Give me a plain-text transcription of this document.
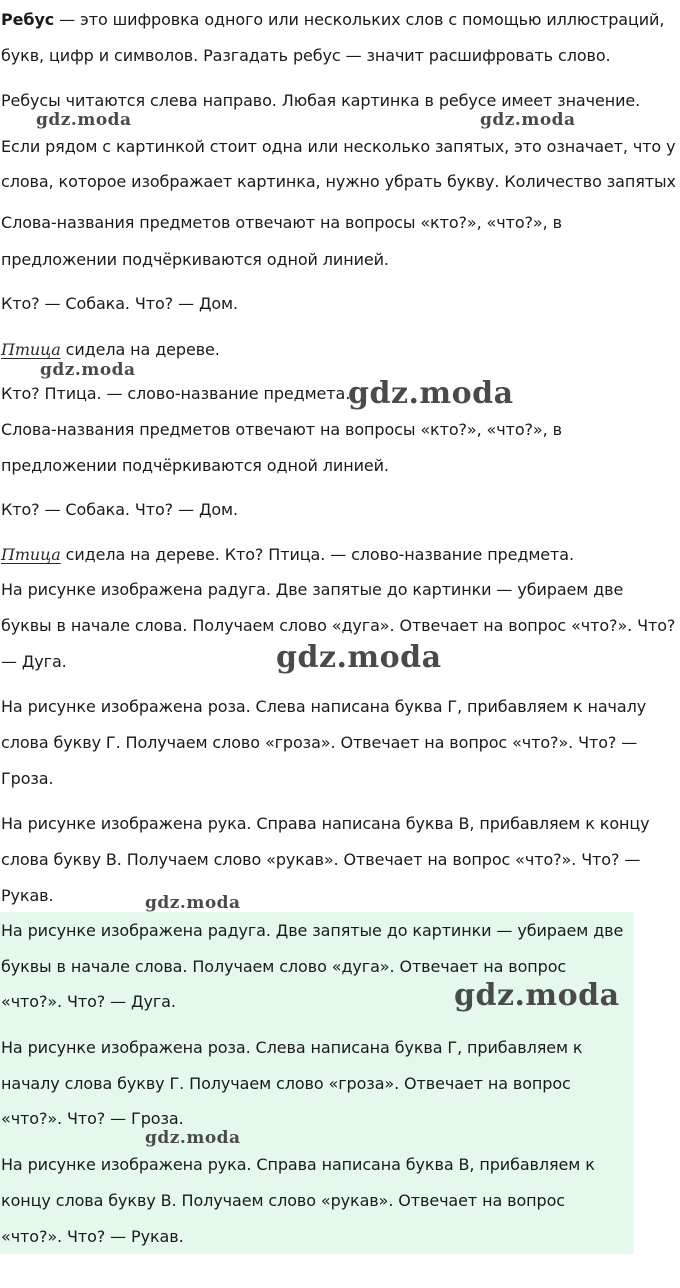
Ребус — это шифровка одного или нескольких слов с помощью иллюстраций,
букв, цифр и символов. Разгадать ребус — значит расшифровать слово.
Ребусы читаются слева направо. Любая картинка в ребусе имеет значение.
Если рядом с картинкой стоит одна или несколько запятых, это означает, что у
слова, которое изображает картинка, нужно убрать букву. Количество запятых
Слова-названия предметов отвечают на вопросы «кто?», «что?», в
предложении подчёркиваются одной линией.
Кто? — Собака. Что? — Дом.
Птица сидела на дереве.
Кто? Птица. — слово-название предмета.
Слова-названия предметов отвечают на вопросы «кто?», «что?», в
предложении подчёркиваются одной линией.
Кто? — Собака. Что? — Дом.
Птица сидела на дереве. Кто? Птица. — слово-название предмета.
На рисунке изображена радуга. Две запятые до картинки — убираем две
буквы в начале слова. Получаем слово «дуга». Отвечает на вопрос «что?». Что?
— Дуга.
На рисунке изображена роза. Слева написана буква Г, прибавляем к началу
слова букву Г. Получаем слово «гроза». Отвечает на вопрос «что?». Что? —
Гроза.
На рисунке изображена рука. Справа написана буква В, прибавляем к концу
слова букву В. Получаем слово «рукав». Отвечает на вопрос «что?». Что? —
Рукав.
На рисунке изображена радуга. Две запятые до картинки — убираем две
буквы в начале слова. Получаем слово «дуга». Отвечает на вопрос
«что?». Что? — Дуга.
На рисунке изображена роза. Слева написана буква Г, прибавляем к
началу слова букву Г. Получаем слово «гроза». Отвечает на вопрос
«что?». Что? — Гроза.
На рисунке изображена рука. Справа написана буква В, прибавляем к
концу слова букву В. Получаем слово «рукав». Отвечает на вопрос
«что?». Что? — Рукав.
gdz.moda	gdz.moda
gdz.moda
gdz.moda
gdz.moda
gdz.moda
gdz.moda
gdz.moda
